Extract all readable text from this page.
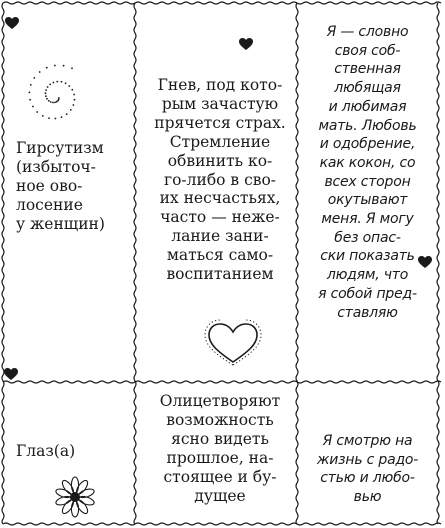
Гирсутизм
(избыточ-
ное ово-
лосение
у женщин)
Гнев, под кото-
рым зачастую
прячется страх.
Стремление
обвинить ко-
го-либо в сво-
их несчастьях,
часто — неже-
лание зани-
маться само-
воспитанием
Я — словно
своя соб-
ственная
любящая
и любимая
мать. Любовь
и одобрение,
как кокон, со
всех сторон
окутывают
меня. Я могу
без опас-
ски показать
людям, что
я собой пред-
ставляю
Глаз(а)
Олицетворяют
возможность
ясно видеть
прошлое, на-
стоящее и бу-
дущее
Я смотрю на
жизнь с радо-
стью и любо-
вью
